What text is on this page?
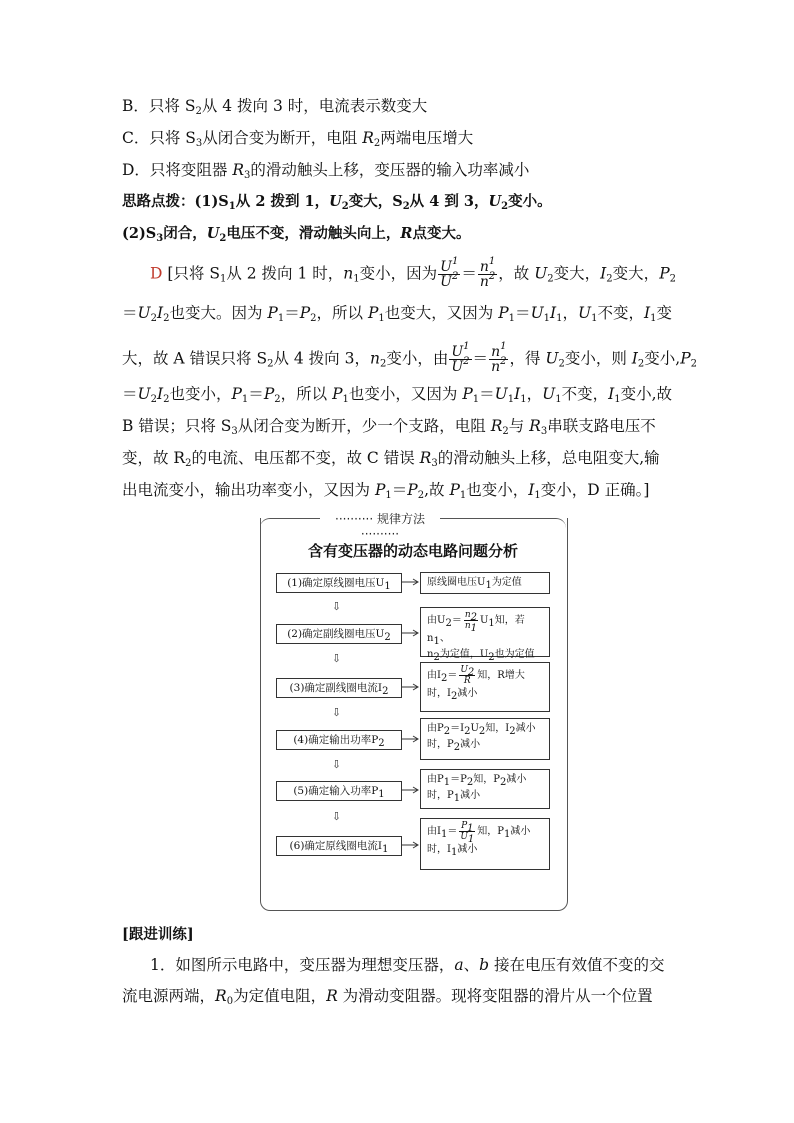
B．只将 $S_2$从 4 拨向 3 时，电流表示数变大
C．只将 $S_3$从闭合变为断开，电阻 $R_2$两端电压增大
D．只将变阻器 $R_3$的滑动触头上移，变压器的输入功率减小
思路点拨：$(1)S_1$从 2 拨到 1，$U_2$变大，$S_2$从 4 到 3，$U_2$变小。
$(2)S_3$闭合，$U_2$电压不变，滑动触头向上，R点变大。
D [只将 $S_1$从 2 拨向 1 时，$n_1$变小，因为 $\frac{U^1}{U^2} = \frac{n^1}{n^2}$ ，故 $U_2$变大，$I_2$变大，$P_2$
$=U_2I_2$也变大。因为 $P_1=P_2$，所以 $P_1$也变大，又因为 $P_1=U_1I_1$，$U_1$不变，$I_1$变
大，故 A 错误只将 $S_2$从 4 拨向 3，$n_2$变小，由 $\frac{U^1}{U^2} = \frac{n^1}{n^2}$ ，得 $U_2$变小，则 $I_2$变小$,P_2$
$=U_2I_2$也变小，$P_1=P_2$，所以 $P_1$也变小，又因为 $P_1=U_1I_1$，$U_1$不变，$I_1$变小,故
B 错误；只将 $S_3$从闭合变为断开，少一个支路，电阻 $R_2$与 $R_3$串联支路电压不
变，故 $R_2$的电流、电压都不变，故 C 错误 $R_3$的滑动触头上移，总电阻变大,输
出电流变小，输出功率变小，又因为 $P_1=P_2$,故 $P_1$也变小，$I_1$变小，D 正确。]
·········· 规律方法 ··········
含有变压器的动态电路问题分析
(1)确定原线圈电压$U_1$	原线圈电压$U_1$为定值
⇩
(2)确定副线圈电压$U_2$
由$U_2= \frac{n_2}{n_1} U_1$知，若$n_1$、
$n_2$为定值，$U_2$也为定值
⇩
(3)确定副线圈电流$I_2$
由$I_2= \frac{U_2}{R}$ 知，R增大
时，$I_2$减小
⇩
(4)确定输出功率$P_2$
由$P_2=I_2U_2$知，$I_2$减小
时，$P_2$减小
⇩
(5)确定输入功率$P_1$
由$P_1=P_2$知，$P_2$减小
时，$P_1$减小
⇩
(6)确定原线圈电流$I_1$
由$I_1= \frac{P_1}{U_1}$ 知，$P_1$减小
时，$I_1$减小
[跟进训练]
1．如图所示电路中，变压器为理想变压器，a、b 接在电压有效值不变的交
流电源两端，$R_0$为定值电阻，R 为滑动变阻器。现将变阻器的滑片从一个位置
